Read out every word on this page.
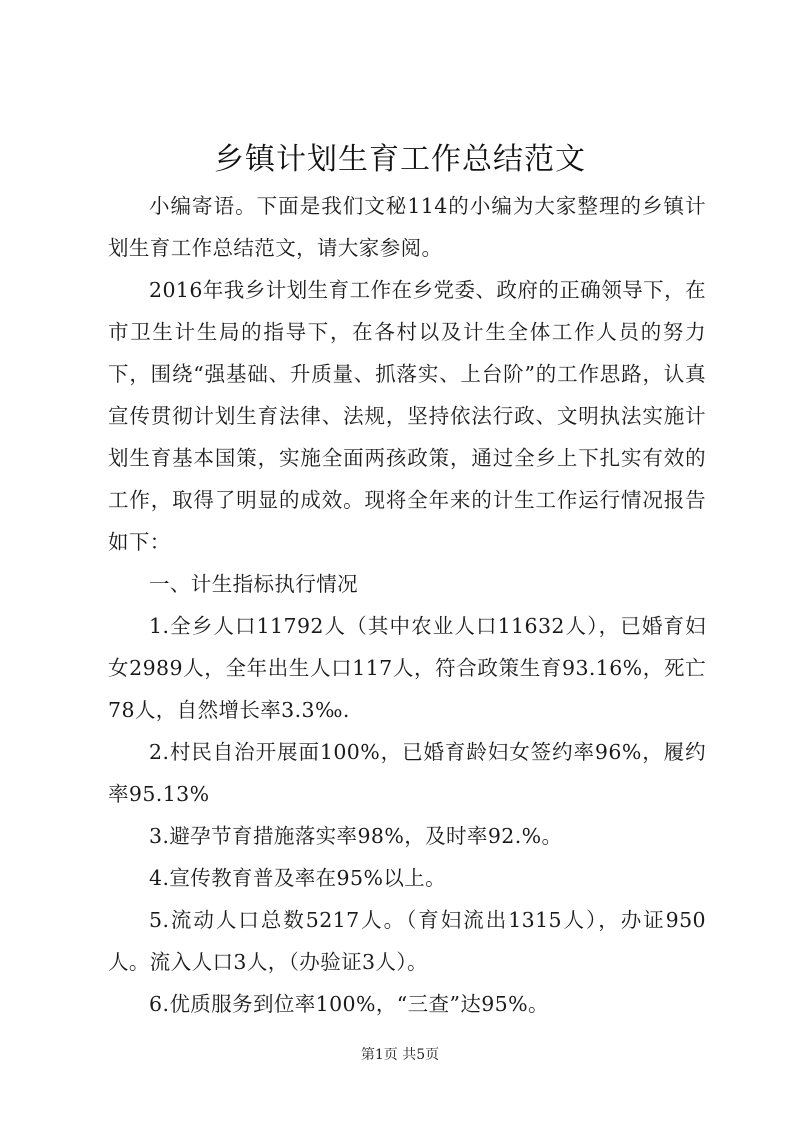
乡镇计划生育工作总结范文

小编寄语。下面是我们文秘114的小编为大家整理的乡镇计划生育工作总结范文，请大家参阅。

2016年我乡计划生育工作在乡党委、政府的正确领导下，在市卫生计生局的指导下，在各村以及计生全体工作人员的努力下，围绕“强基础、升质量、抓落实、上台阶”的工作思路，认真宣传贯彻计划生育法律、法规，坚持依法行政、文明执法实施计划生育基本国策，实施全面两孩政策，通过全乡上下扎实有效的工作，取得了明显的成效。现将全年来的计生工作运行情况报告如下：

一、计生指标执行情况

1.全乡人口11792人（其中农业人口11632人），已婚育妇女2989人，全年出生人口117人，符合政策生育93.16%，死亡78人，自然增长率3.3‰.

2.村民自治开展面100%，已婚育龄妇女签约率96%，履约率95.13%

3.避孕节育措施落实率98%，及时率92.%。

4.宣传教育普及率在95%以上。

5.流动人口总数5217人。（育妇流出1315人），办证950人。流入人口3人，（办验证3人）。

6.优质服务到位率100%，“三查”达95%。

第1页 共5页
